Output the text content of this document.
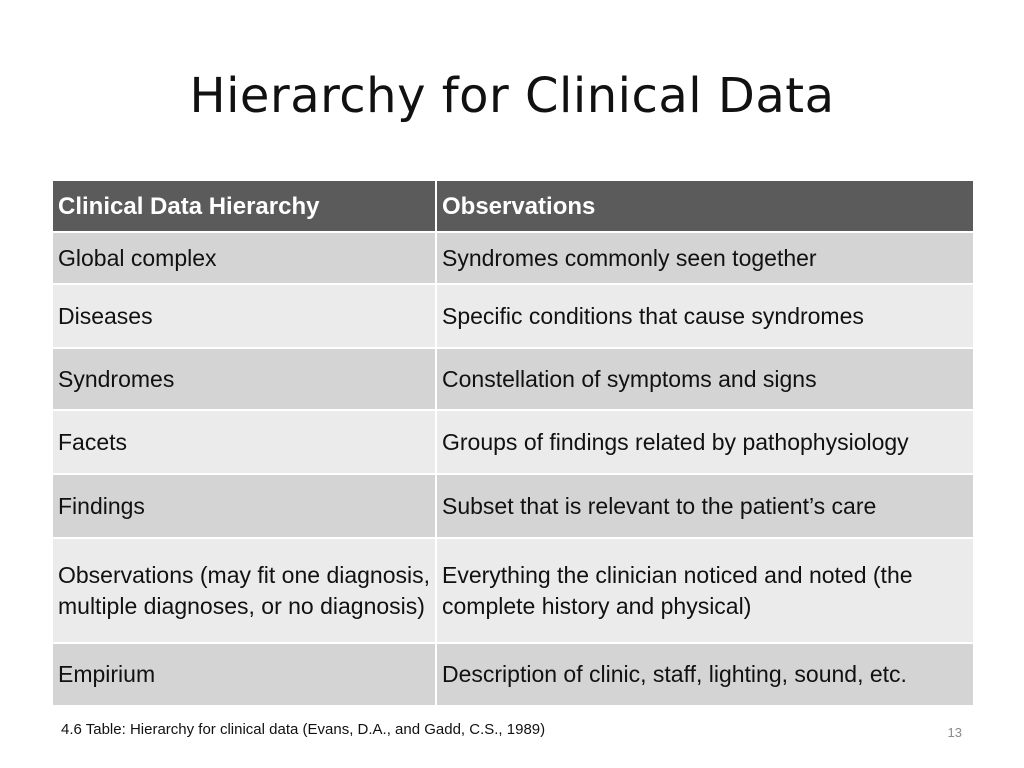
Hierarchy for Clinical Data
Clinical Data Hierarchy	Observations
Global complex	Syndromes commonly seen together
Diseases	Specific conditions that cause syndromes
Syndromes	Constellation of symptoms and signs
Facets	Groups of findings related by pathophysiology
Findings	Subset that is relevant to the patient’s care
Observations (may fit one diagnosis, multiple diagnoses, or no diagnosis)	Everything the clinician noticed and noted (the complete history and physical)
Empirium	Description of clinic, staff, lighting, sound, etc.
4.6 Table: Hierarchy for clinical data (Evans, D.A., and Gadd, C.S., 1989)	13
